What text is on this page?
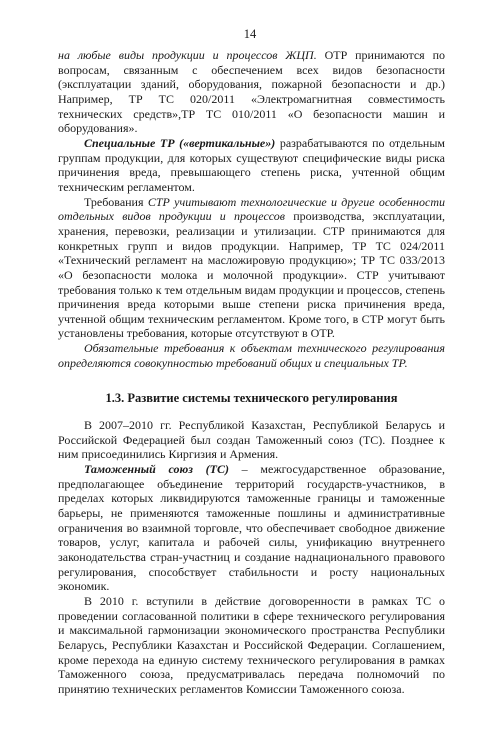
14

на любые виды продукции и процессов ЖЦП. ОТР принимаются по вопросам, связанным с обеспечением всех видов безопасности (эксплуатации зданий, оборудования, пожарной безопасности и др.) Например, ТР ТС 020/2011 «Электромагнитная совместимость технических средств»,ТР ТС 010/2011 «О безопасности машин и оборудования».

Специальные ТР («вертикальные») разрабатываются по отдельным группам продукции, для которых существуют специфические виды риска причинения вреда, превышающего степень риска, учтенной общим техническим регламентом.

Требования СТР учитывают технологические и другие особенности отдельных видов продукции и процессов производства, эксплуатации, хранения, перевозки, реализации и утилизации. СТР принимаются для конкретных групп и видов продукции. Например, ТР ТС 024/2011 «Технический регламент на масложировую продукцию»; ТР ТС 033/2013 «О безопасности молока и молочной продукции». СТР учитывают требования только к тем отдельным видам продукции и процессов, степень причинения вреда которыми выше степени риска причинения вреда, учтенной общим техническим регламентом. Кроме того, в СТР могут быть установлены требования, которые отсутствуют в ОТР.

Обязательные требования к объектам технического регулирования определяются совокупностью требований общих и специальных ТР.

1.3. Развитие системы технического регулирования

В 2007–2010 гг. Республикой Казахстан, Республикой Беларусь и Российской Федерацией был создан Таможенный союз (ТС). Позднее к ним присоединились Киргизия и Армения.

Таможенный союз (ТС) – межгосударственное образование, предполагающее объединение территорий государств-участников, в пределах которых ликвидируются таможенные границы и таможенные барьеры, не применяются таможенные пошлины и административные ограничения во взаимной торговле, что обеспечивает свободное движение товаров, услуг, капитала и рабочей силы, унификацию внутреннего законодательства стран-участниц и создание наднационального правового регулирования, способствует стабильности и росту национальных экономик.

В 2010 г. вступили в действие договоренности в рамках ТС о проведении согласованной политики в сфере технического регулирования и максимальной гармонизации экономического пространства Республики Беларусь, Республики Казахстан и Российской Федерации. Соглашением, кроме перехода на единую систему технического регулирования в рамках Таможенного союза, предусматривалась передача полномочий по принятию технических регламентов Комиссии Таможенного союза.
